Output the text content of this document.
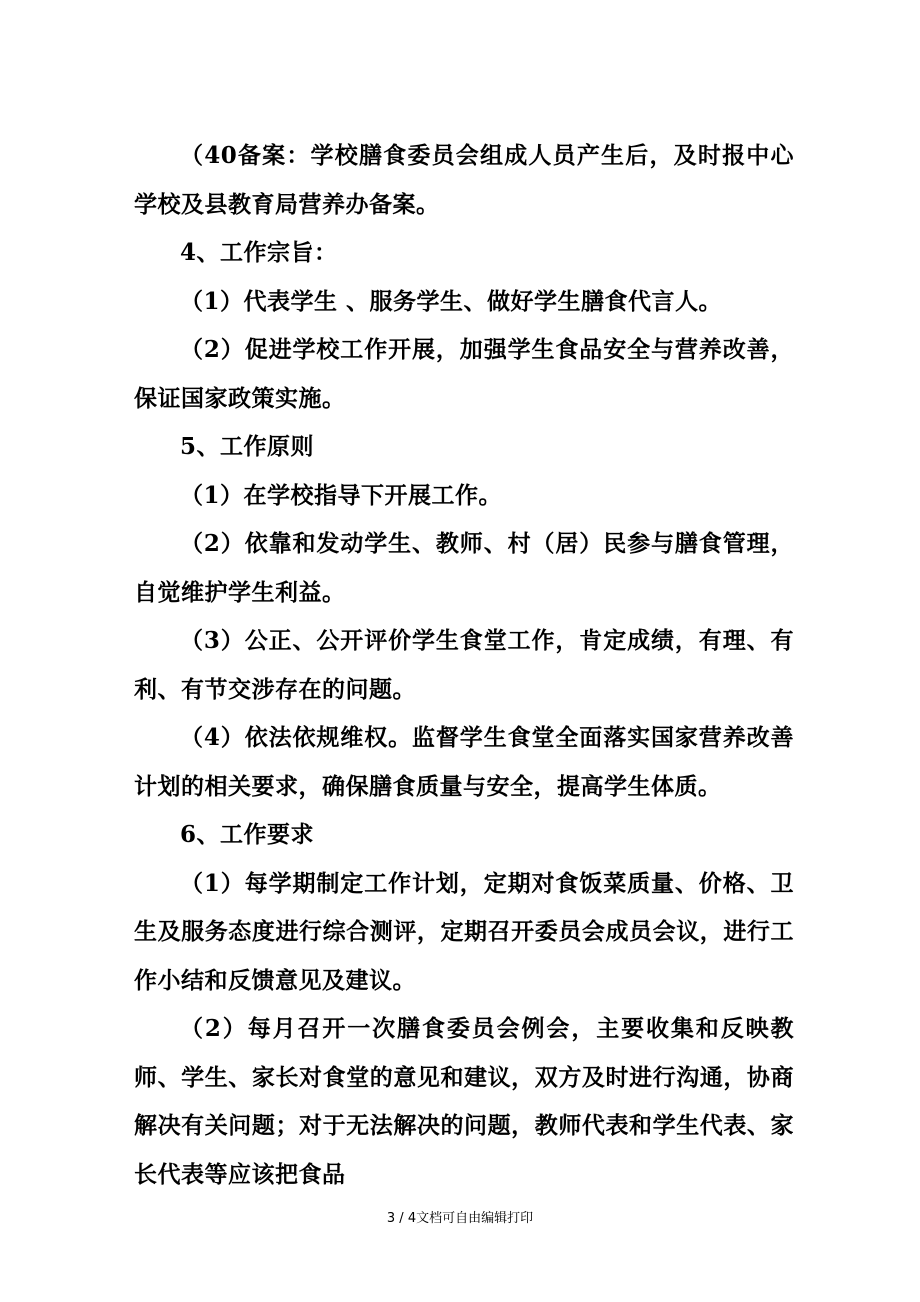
（40备案：学校膳食委员会组成人员产生后，及时报中心学校及县教育局营养办备案。

4、工作宗旨：

（1）代表学生 、服务学生、做好学生膳食代言人。

（2）促进学校工作开展，加强学生食品安全与营养改善，保证国家政策实施。

5、工作原则

（1）在学校指导下开展工作。

（2）依靠和发动学生、教师、村（居）民参与膳食管理，自觉维护学生利益。

（3）公正、公开评价学生食堂工作，肯定成绩，有理、有利、有节交涉存在的问题。

（4）依法依规维权。监督学生食堂全面落实国家营养改善计划的相关要求，确保膳食质量与安全，提高学生体质。

6、工作要求

（1）每学期制定工作计划，定期对食饭菜质量、价格、卫生及服务态度进行综合测评，定期召开委员会成员会议，进行工作小结和反馈意见及建议。

（2）每月召开一次膳食委员会例会，主要收集和反映教师、学生、家长对食堂的意见和建议，双方及时进行沟通，协商解决有关问题；对于无法解决的问题，教师代表和学生代表、家长代表等应该把食品

3 / 4文档可自由编辑打印
